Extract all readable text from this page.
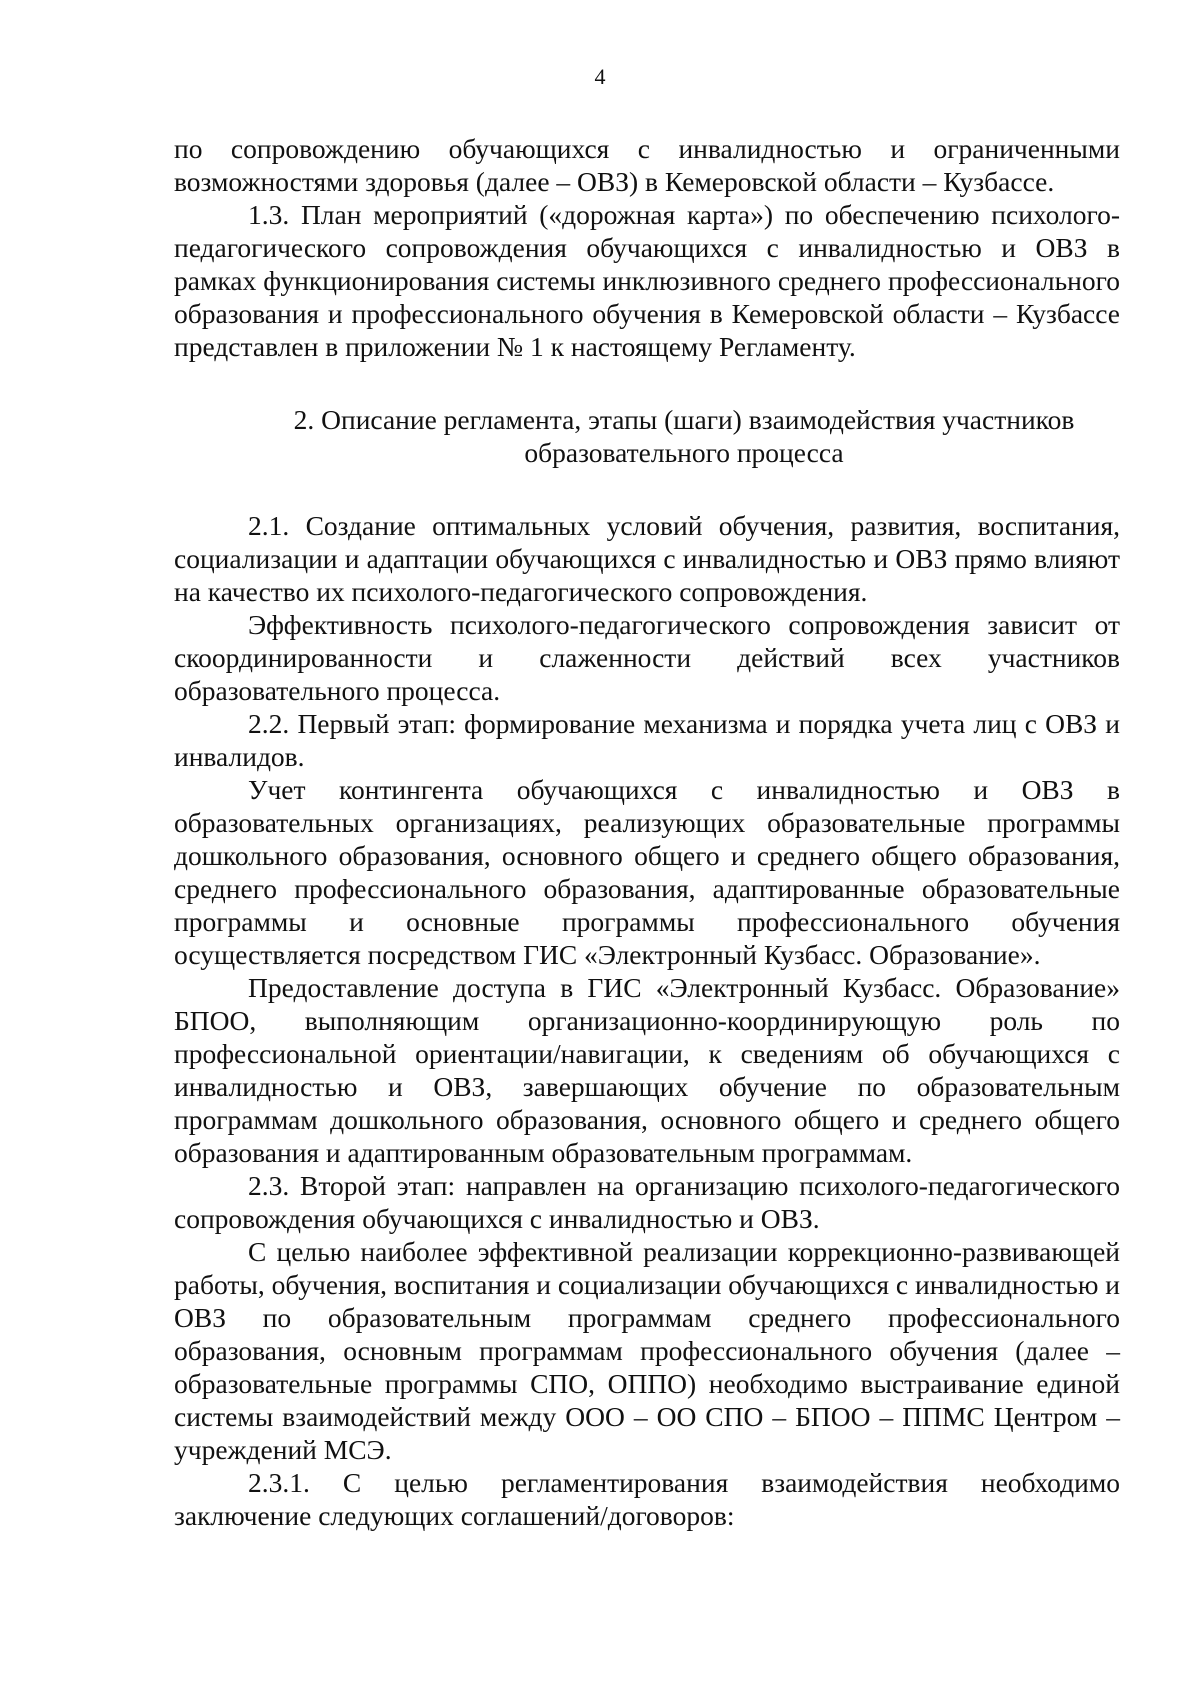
4

по сопровождению обучающихся с инвалидностью и ограниченными возможностями здоровья (далее – ОВЗ) в Кемеровской области – Кузбассе.

1.3. План мероприятий («дорожная карта») по обеспечению психолого-педагогического сопровождения обучающихся с инвалидностью и ОВЗ в рамках функционирования системы инклюзивного среднего профессионального образования и профессионального обучения в Кемеровской области – Кузбассе представлен в приложении № 1 к настоящему Регламенту.

2. Описание регламента, этапы (шаги) взаимодействия участников образовательного процесса

2.1. Создание оптимальных условий обучения, развития, воспитания, социализации и адаптации обучающихся с инвалидностью и ОВЗ прямо влияют на качество их психолого-педагогического сопровождения.

Эффективность психолого-педагогического сопровождения зависит от скоординированности и слаженности действий всех участников образовательного процесса.

2.2. Первый этап: формирование механизма и порядка учета лиц с ОВЗ и инвалидов.

Учет контингента обучающихся с инвалидностью и ОВЗ в образовательных организациях, реализующих образовательные программы дошкольного образования, основного общего и среднего общего образования, среднего профессионального образования, адаптированные образовательные программы и основные программы профессионального обучения осуществляется посредством ГИС «Электронный Кузбасс. Образование».

Предоставление доступа в ГИС «Электронный Кузбасс. Образование» БПОО, выполняющим организационно-координирующую роль по профессиональной ориентации/навигации, к сведениям об обучающихся с инвалидностью и ОВЗ, завершающих обучение по образовательным программам дошкольного образования, основного общего и среднего общего образования и адаптированным образовательным программам.

2.3. Второй этап: направлен на организацию психолого-педагогического сопровождения обучающихся с инвалидностью и ОВЗ.

С целью наиболее эффективной реализации коррекционно-развивающей работы, обучения, воспитания и социализации обучающихся с инвалидностью и ОВЗ по образовательным программам среднего профессионального образования, основным программам профессионального обучения (далее – образовательные программы СПО, ОППО) необходимо выстраивание единой системы взаимодействий между ООО – ОО СПО – БПОО – ППМС Центром – учреждений МСЭ.

2.3.1. С целью регламентирования взаимодействия необходимо заключение следующих соглашений/договоров:
